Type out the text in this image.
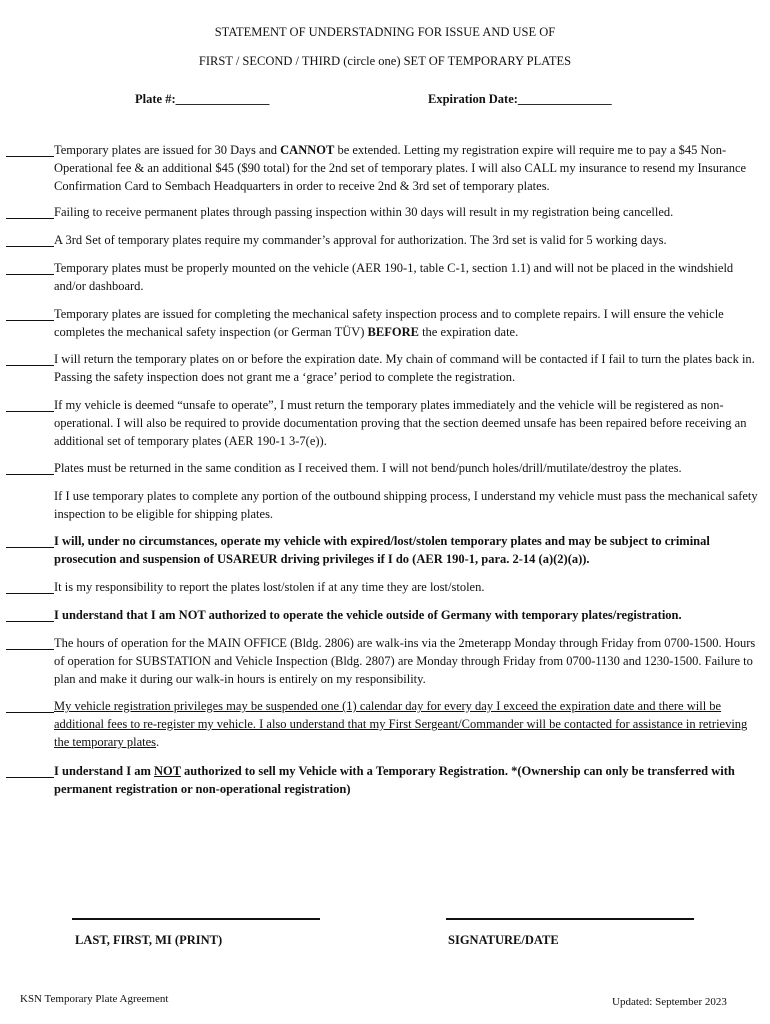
STATEMENT OF UNDERSTADNING FOR ISSUE AND USE OF
FIRST / SECOND / THIRD (circle one) SET OF TEMPORARY PLATES
Plate #:_______________	Expiration Date:_______________
Temporary plates are issued for 30 Days and CANNOT be extended. Letting my registration expire will require me to pay a $45 Non-Operational fee & an additional $45 ($90 total) for the 2nd set of temporary plates. I will also CALL my insurance to resend my Insurance Confirmation Card to Sembach Headquarters in order to receive 2nd & 3rd set of temporary plates.
Failing to receive permanent plates through passing inspection within 30 days will result in my registration being cancelled.
A 3rd Set of temporary plates require my commander’s approval for authorization. The 3rd set is valid for 5 working days.
Temporary plates must be properly mounted on the vehicle (AER 190-1, table C-1, section 1.1) and will not be placed in the windshield and/or dashboard.
Temporary plates are issued for completing the mechanical safety inspection process and to complete repairs. I will ensure the vehicle completes the mechanical safety inspection (or German TÜV) BEFORE the expiration date.
I will return the temporary plates on or before the expiration date. My chain of command will be contacted if I fail to turn the plates back in. Passing the safety inspection does not grant me a ‘grace’ period to complete the registration.
If my vehicle is deemed “unsafe to operate”, I must return the temporary plates immediately and the vehicle will be registered as non-operational. I will also be required to provide documentation proving that the section deemed unsafe has been repaired before receiving an additional set of temporary plates (AER 190-1 3-7(e)).
Plates must be returned in the same condition as I received them. I will not bend/punch holes/drill/mutilate/destroy the plates.
If I use temporary plates to complete any portion of the outbound shipping process, I understand my vehicle must pass the mechanical safety inspection to be eligible for shipping plates.
I will, under no circumstances, operate my vehicle with expired/lost/stolen temporary plates and may be subject to criminal prosecution and suspension of USAREUR driving privileges if I do (AER 190-1, para. 2-14 (a)(2)(a)).
It is my responsibility to report the plates lost/stolen if at any time they are lost/stolen.
I understand that I am NOT authorized to operate the vehicle outside of Germany with temporary plates/registration.
The hours of operation for the MAIN OFFICE (Bldg. 2806) are walk-ins via the 2meterapp Monday through Friday from 0700-1500. Hours of operation for SUBSTATION and Vehicle Inspection (Bldg. 2807) are Monday through Friday from 0700-1130 and 1230-1500. Failure to plan and make it during our walk-in hours is entirely on my responsibility.
My vehicle registration privileges may be suspended one (1) calendar day for every day I exceed the expiration date and there will be additional fees to re-register my vehicle. I also understand that my First Sergeant/Commander will be contacted for assistance in retrieving the temporary plates.
I understand I am NOT authorized to sell my Vehicle with a Temporary Registration. *(Ownership can only be transferred with permanent registration or non-operational registration)
LAST, FIRST, MI (PRINT)	SIGNATURE/DATE
KSN Temporary Plate Agreement	Updated: September 2023
